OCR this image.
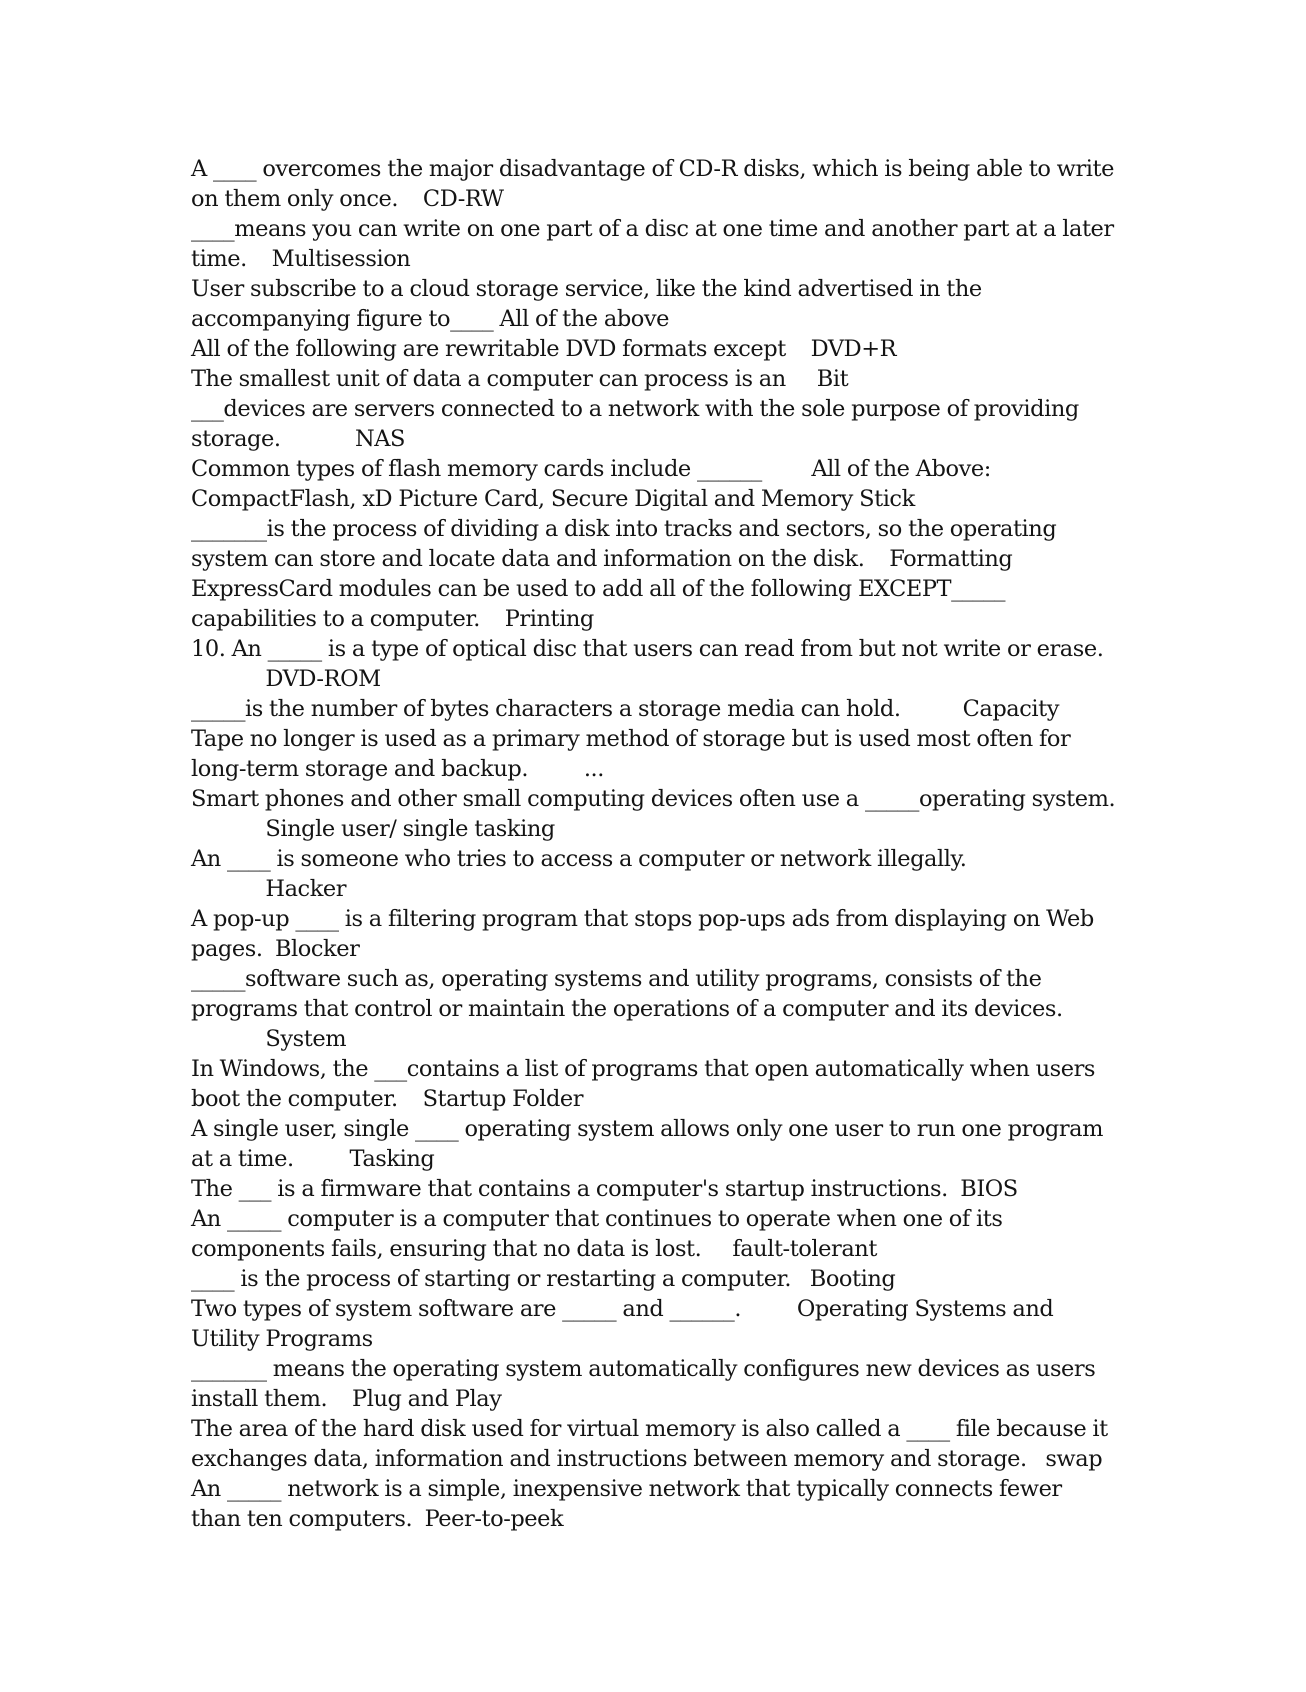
A ____ overcomes the major disadvantage of CD-R disks, which is being able to write
on them only once.    CD-RW
____means you can write on one part of a disc at one time and another part at a later
time.    Multisession
User subscribe to a cloud storage service, like the kind advertised in the
accompanying figure to____ All of the above
All of the following are rewritable DVD formats except    DVD+R
The smallest unit of data a computer can process is an     Bit
___devices are servers connected to a network with the sole purpose of providing
storage.            NAS
Common types of flash memory cards include ______        All of the Above:
CompactFlash, xD Picture Card, Secure Digital and Memory Stick
_______is the process of dividing a disk into tracks and sectors, so the operating
system can store and locate data and information on the disk.    Formatting
ExpressCard modules can be used to add all of the following EXCEPT_____
capabilities to a computer.    Printing
10. An _____ is a type of optical disc that users can read from but not write or erase.
DVD-ROM
_____is the number of bytes characters a storage media can hold.          Capacity
Tape no longer is used as a primary method of storage but is used most often for
long-term storage and backup.         ...
Smart phones and other small computing devices often use a _____operating system.
Single user/ single tasking
An ____ is someone who tries to access a computer or network illegally.
Hacker
A pop-up ____ is a filtering program that stops pop-ups ads from displaying on Web
pages.  Blocker
_____software such as, operating systems and utility programs, consists of the
programs that control or maintain the operations of a computer and its devices.
System
In Windows, the ___contains a list of programs that open automatically when users
boot the computer.    Startup Folder
A single user, single ____ operating system allows only one user to run one program
at a time.         Tasking
The ___ is a firmware that contains a computer's startup instructions.  BIOS
An _____ computer is a computer that continues to operate when one of its
components fails, ensuring that no data is lost.     fault-tolerant
____ is the process of starting or restarting a computer.   Booting
Two types of system software are _____ and ______.         Operating Systems and
Utility Programs
_______ means the operating system automatically configures new devices as users
install them.    Plug and Play
The area of the hard disk used for virtual memory is also called a ____ file because it
exchanges data, information and instructions between memory and storage.   swap
An _____ network is a simple, inexpensive network that typically connects fewer
than ten computers.  Peer-to-peek
